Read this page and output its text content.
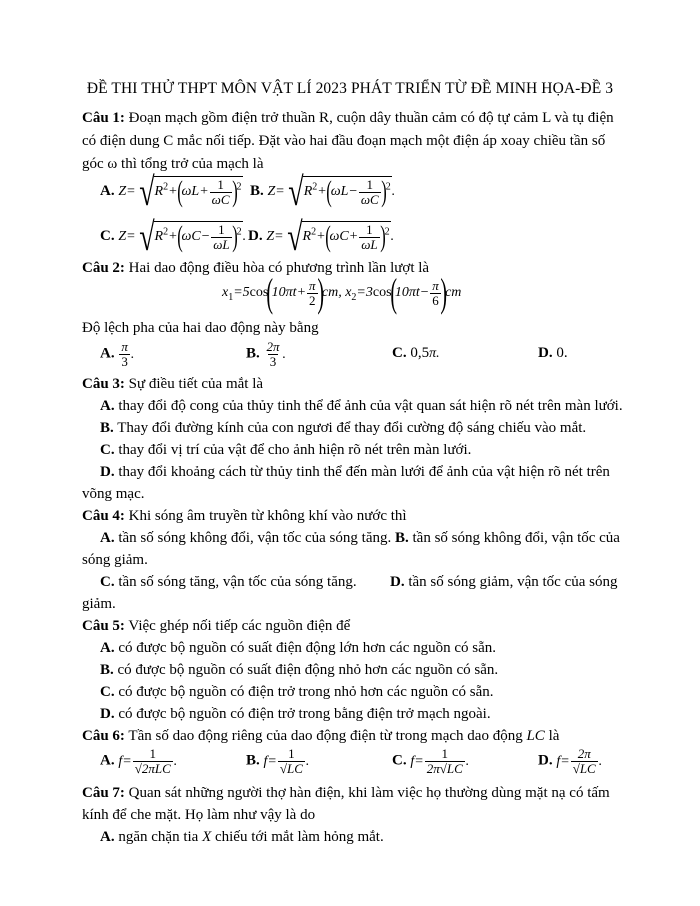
ĐỀ THI THỬ THPT MÔN VẬT LÍ 2023 PHÁT TRIỂN TỪ ĐỀ MINH HỌA-ĐỀ 3
Câu 1: Đoạn mạch gồm điện trở thuần R, cuộn dây thuần cảm có độ tự cảm L và tụ điện
có điện dung C mắc nối tiếp. Đặt vào hai đầu đoạn mạch một điện áp xoay chiều tần số
góc ω thì tổng trở của mạch là
A. $Z=√R^2+(\omega L+ \frac{1}{\omega C} )^2$ B. $Z=√R^2+(\omega L- \frac{1}{\omega C} )^2$.
C. $Z=√R^2+(\omega C- \frac{1}{\omega L} )^2$. D. $Z=√R^2+(\omega C+ \frac{1}{\omega L} )^2$.
Câu 2: Hai dao động điều hòa có phương trình lần lượt là
$x_1=5\cos(10\pi t+ \frac{\pi}{2} )cm$, $x_2=3\cos(10\pi t- \frac{\pi}{6} )cm$
Độ lệch pha của hai dao động này bằng
A. $\frac{\pi}{3}$ .	B. $\frac{2\pi}{3}$ .	C. 0,5π.	D. 0.
Câu 3: Sự điều tiết của mắt là
A. thay đổi độ cong của thủy tinh thể để ảnh của vật quan sát hiện rõ nét trên màn lưới.
B. Thay đổi đường kính của con ngươi để thay đổi cường độ sáng chiếu vào mắt.
C. thay đổi vị trí của vật để cho ảnh hiện rõ nét trên màn lưới.
D. thay đổi khoảng cách từ thủy tinh thể đến màn lưới để ảnh của vật hiện rõ nét trên
võng mạc.
Câu 4: Khi sóng âm truyền từ không khí vào nước thì
A. tần số sóng không đổi, vận tốc của sóng tăng. B. tần số sóng không đổi, vận tốc của
sóng giảm.
C. tần số sóng tăng, vận tốc của sóng tăng. D. tần số sóng giảm, vận tốc của sóng
giảm.
Câu 5: Việc ghép nối tiếp các nguồn điện để
A. có được bộ nguồn có suất điện động lớn hơn các nguồn có sẵn.
B. có được bộ nguồn có suất điện động nhỏ hơn các nguồn có sẵn.
C. có được bộ nguồn có điện trở trong nhỏ hơn các nguồn có sẵn.
D. có được bộ nguồn có điện trở trong bằng điện trở mạch ngoài.
Câu 6: Tần số dao động riêng của dao động điện từ trong mạch dao động LC là
A. $f= \frac{1}{\text{√2πLC}}$ .	B. $f= \frac{1}{√LC}$ .	C. $f= \frac{1}{2\pi√LC}$ .	D. $f= \frac{2\pi}{√LC}$ .
Câu 7: Quan sát những người thợ hàn điện, khi làm việc họ thường dùng mặt nạ có tấm
kính để che mặt. Họ làm như vậy là do
A. ngăn chặn tia X chiếu tới mắt làm hỏng mắt.
